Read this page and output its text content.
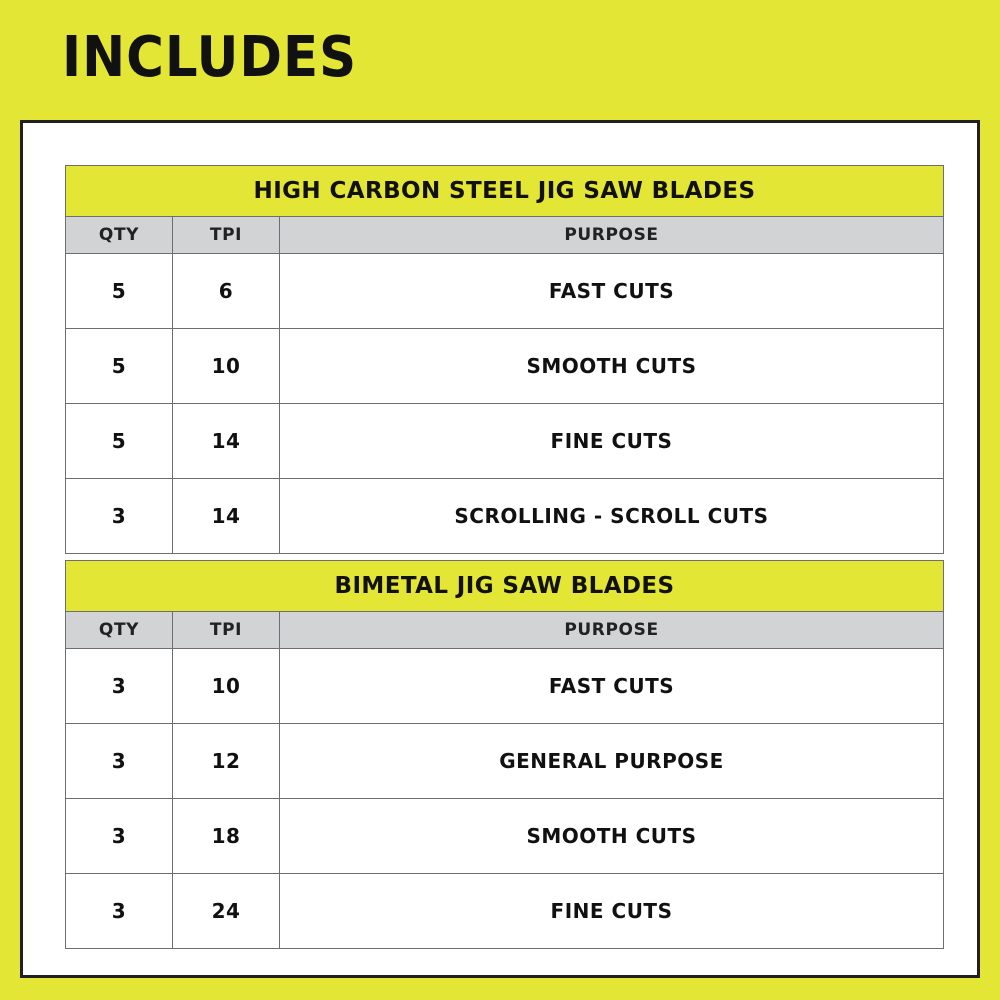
INCLUDES
HIGH CARBON STEEL JIG SAW BLADES		
QTY	TPI	PURPOSE
5	6	FAST CUTS
5	10	SMOOTH CUTS
5	14	FINE CUTS
3	14	SCROLLING - SCROLL CUTS
BIMETAL JIG SAW BLADES		
QTY	TPI	PURPOSE
3	10	FAST CUTS
3	12	GENERAL PURPOSE
3	18	SMOOTH CUTS
3	24	FINE CUTS
